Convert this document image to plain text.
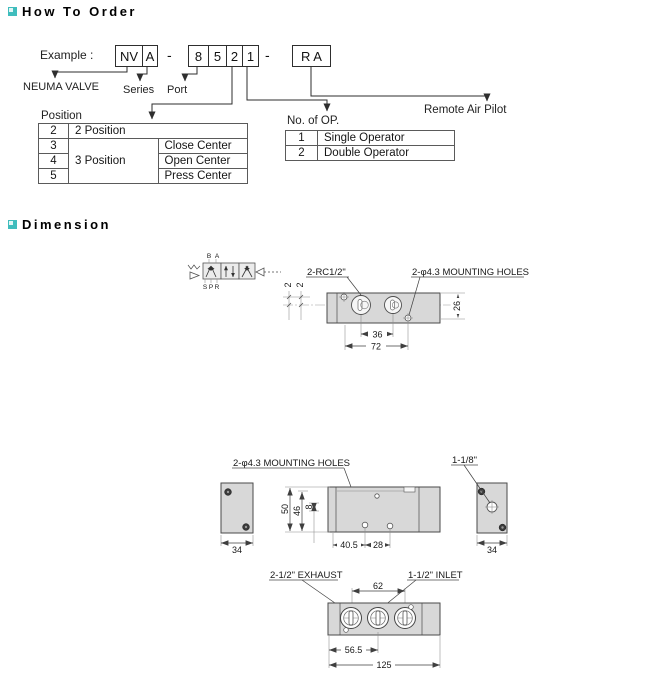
How To Order
Example :	NV A -	8 5 2 1 -	R A
NEUMA VALVE Series Port
Remote Air Pilot
Position
2	2 Position	
3	3 Position	Close Center
4		Open Center
5		Press Center
No. of OP.
1	Single Operator
2	Double Operator
Dimension
B A
S P R
2-RC1/2"	2-φ4.3 MOUNTING HOLES
2 2
26
36
72
34
2-φ4.3 MOUNTING HOLES
50 46 8
40.5 28
1-1/8"
34
2-1/2" EXHAUST	1-1/2" INLET
62
56.5
125
